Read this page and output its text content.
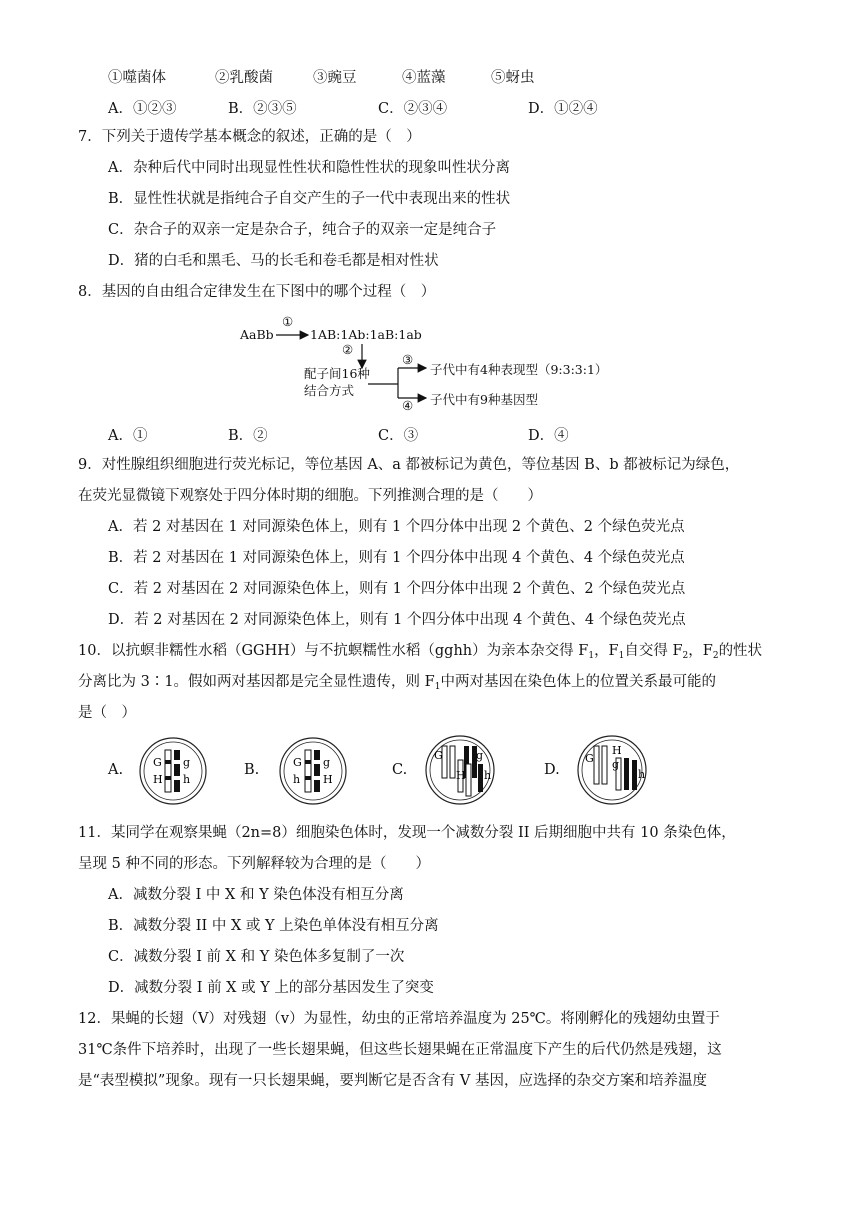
①噬菌体	②乳酸菌	③豌豆	④蓝藻	⑤蚜虫
A．①②③	B．②③⑤	C．②③④	D．①②④
7．下列关于遗传学基本概念的叙述，正确的是（　）
A．杂种后代中同时出现显性性状和隐性性状的现象叫性状分离
B．显性性状就是指纯合子自交产生的子一代中表现出来的性状
C．杂合子的双亲一定是杂合子，纯合子的双亲一定是纯合子
D．猪的白毛和黑毛、马的长毛和卷毛都是相对性状
8．基因的自由组合定律发生在下图中的哪个过程（　）
AaBb
①
1AB:1Ab:1aB:1ab
②
配子间16种
结合方式
③
子代中有4种表现型（9:3:3:1）
④ 子代中有9种基因型
A．①	B．②	C．③	D．④
9．对性腺组织细胞进行荧光标记，等位基因 A、a 都被标记为黄色，等位基因 B、b 都被标记为绿色，
在荧光显微镜下观察处于四分体时期的细胞。下列推测合理的是（　　）
A．若 2 对基因在 1 对同源染色体上，则有 1 个四分体中出现 2 个黄色、2 个绿色荧光点
B．若 2 对基因在 1 对同源染色体上，则有 1 个四分体中出现 4 个黄色、4 个绿色荧光点
C．若 2 对基因在 2 对同源染色体上，则有 1 个四分体中出现 2 个黄色、2 个绿色荧光点
D．若 2 对基因在 2 对同源染色体上，则有 1 个四分体中出现 4 个黄色、4 个绿色荧光点
10．以抗螟非糯性水稻（GGHH）与不抗螟糯性水稻（gghh）为亲本杂交得 $F_1$，$F_1$自交得 $F_2$，$F_2$的性状
分离比为 3∶1。假如两对基因都是完全显性遗传，则 $F_1$中两对基因在染色体上的位置关系最可能的
是（　）
A.	G
H
g
h
B.	G
h
g
H
C.
G	g
H h	D.
G
H
g
h
11．某同学在观察果蝇（2n=8）细胞染色体时，发现一个减数分裂 II 后期细胞中共有 10 条染色体，
呈现 5 种不同的形态。下列解释较为合理的是（　　）
A．减数分裂 I 中 X 和 Y 染色体没有相互分离
B．减数分裂 II 中 X 或 Y 上染色单体没有相互分离
C．减数分裂 I 前 X 和 Y 染色体多复制了一次
D．减数分裂 I 前 X 或 Y 上的部分基因发生了突变
12．果蝇的长翅（V）对残翅（v）为显性，幼虫的正常培养温度为 25℃。将刚孵化的残翅幼虫置于
31℃条件下培养时，出现了一些长翅果蝇，但这些长翅果蝇在正常温度下产生的后代仍然是残翅，这
是“表型模拟”现象。现有一只长翅果蝇，要判断它是否含有 V 基因，应选择的杂交方案和培养温度
